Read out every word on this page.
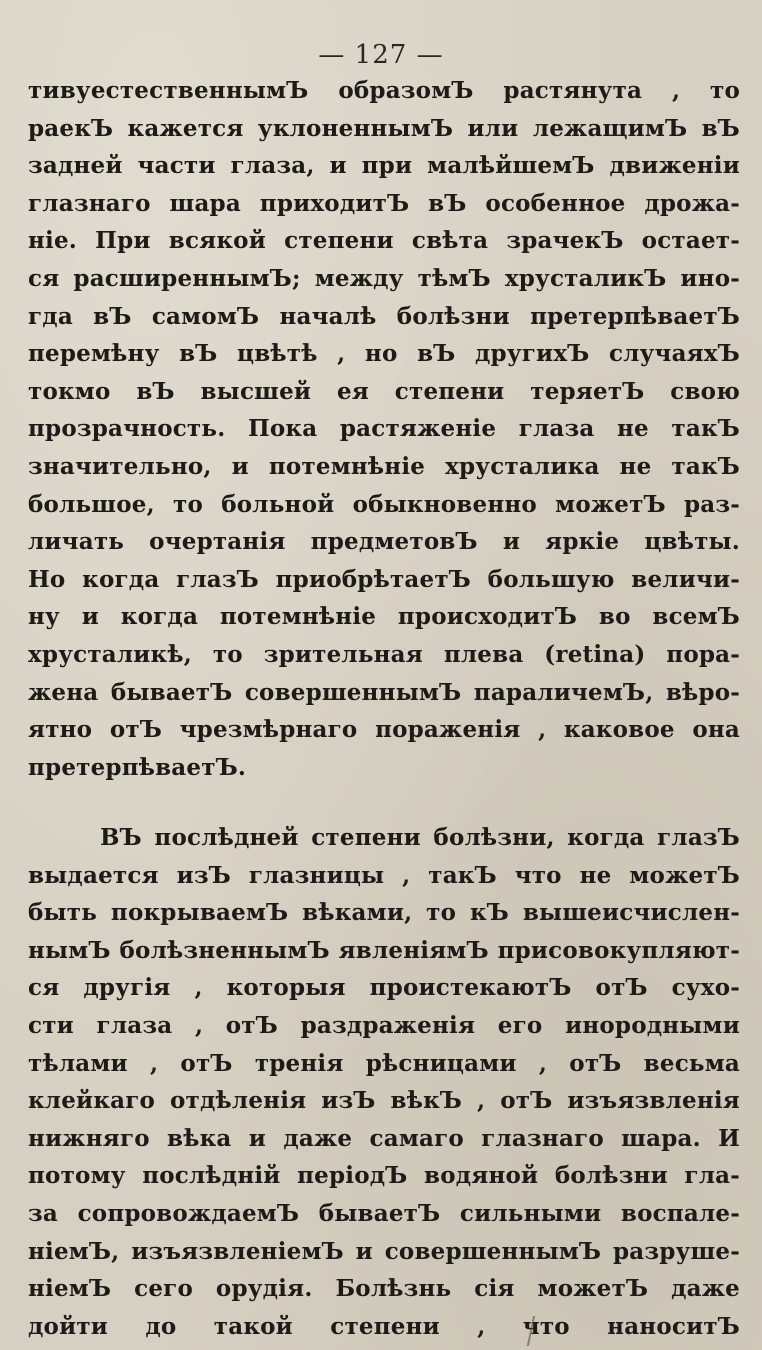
— 127 —
тивуестественнымЪ образомЪ растянута , то
раекЪ кажется уклоненнымЪ или лежащимЪ вЪ
задней части глаза, и при малѣйшемЪ движеніи
глазнаго шара приходитЪ вЪ особенное дрожа-
ніе. При всякой степени свѣта зрачекЪ остает-
ся расширеннымЪ; между тѣмЪ хрусталикЪ ино-
гда вЪ самомЪ началѣ болѣзни претерпѣваетЪ
перемѣну вЪ цвѣтѣ , но вЪ другихЪ случаяхЪ
токмо вЪ высшей ея степени теряетЪ свою
прозрачность. Пока растяженіе глаза не такЪ
значительно, и потемнѣніе хрусталика не такЪ
большое, то больной обыкновенно можетЪ раз-
личать очертанія предметовЪ и яркіе цвѣты.
Но когда глазЪ приобрѣтаетЪ большую величи-
ну и когда потемнѣніе происходитЪ во всемЪ
хрусталикѣ, то зрительная плева (retina) пора-
жена бываетЪ совершеннымЪ параличемЪ, вѣро-
ятно отЪ чрезмѣрнаго пораженія , каковое она
претерпѣваетЪ.
ВЪ послѣдней степени болѣзни, когда глазЪ
выдается изЪ глазницы , такЪ что не можетЪ
быть покрываемЪ вѣками, то кЪ вышеисчислен-
нымЪ болѣзненнымЪ явленіямЪ присовокупляют-
ся другія , которыя проистекаютЪ отЪ сухо-
сти глаза , отЪ раздраженія его инородными
тѣлами , отЪ тренія рѣсницами , отЪ весьма
клейкаго отдѣленія изЪ вѣкЪ , отЪ изъязвленія
нижняго вѣка и даже самаго глазнаго шара. И
потому послѣдній періодЪ водяной болѣзни гла-
за сопровождаемЪ бываетЪ сильными воспале-
ніемЪ, изъязвленіемЪ и совершеннымЪ разруше-
ніемЪ сего орудія. Болѣзнь сія можетЪ даже
дойти до такой степени , что наноситЪ
